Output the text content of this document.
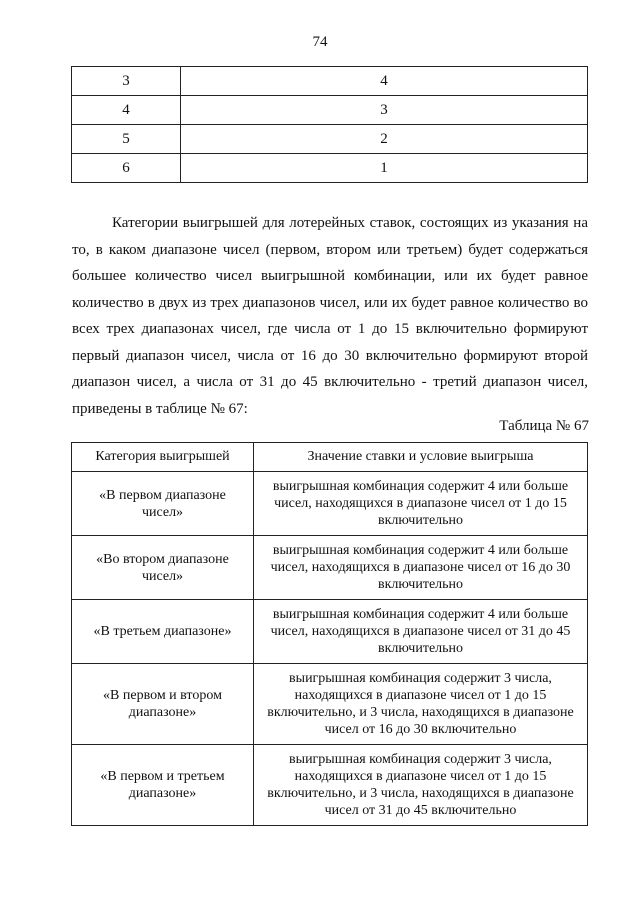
74
3	4
4	3
5	2
6	1

Категории выигрышей для лотерейных ставок, состоящих из указания на то, в каком диапазоне чисел (первом, втором или третьем) будет содержаться большее количество чисел выигрышной комбинации, или их будет равное количество в двух из трех диапазонов чисел, или их будет равное количество во всех трех диапазонах чисел, где числа от 1 до 15 включительно формируют первый диапазон чисел, числа от 16 до 30 включительно формируют второй диапазон чисел, а числа от 31 до 45 включительно - третий диапазон чисел, приведены в таблице № 67:

Таблица № 67
Категория выигрышей	Значение ставки и условие выигрыша
«В первом диапазоне чисел»	выигрышная комбинация содержит 4 или больше чисел, находящихся в диапазоне чисел от 1 до 15 включительно
«Во втором диапазоне чисел»	выигрышная комбинация содержит 4 или больше чисел, находящихся в диапазоне чисел от 16 до 30 включительно
«В третьем диапазоне»	выигрышная комбинация содержит 4 или больше чисел, находящихся в диапазоне чисел от 31 до 45 включительно
«В первом и втором диапазоне»	выигрышная комбинация содержит 3 числа, находящихся в диапазоне чисел от 1 до 15 включительно, и 3 числа, находящихся в диапазоне чисел от 16 до 30 включительно
«В первом и третьем диапазоне»	выигрышная комбинация содержит 3 числа, находящихся в диапазоне чисел от 1 до 15 включительно, и 3 числа, находящихся в диапазоне чисел от 31 до 45 включительно
